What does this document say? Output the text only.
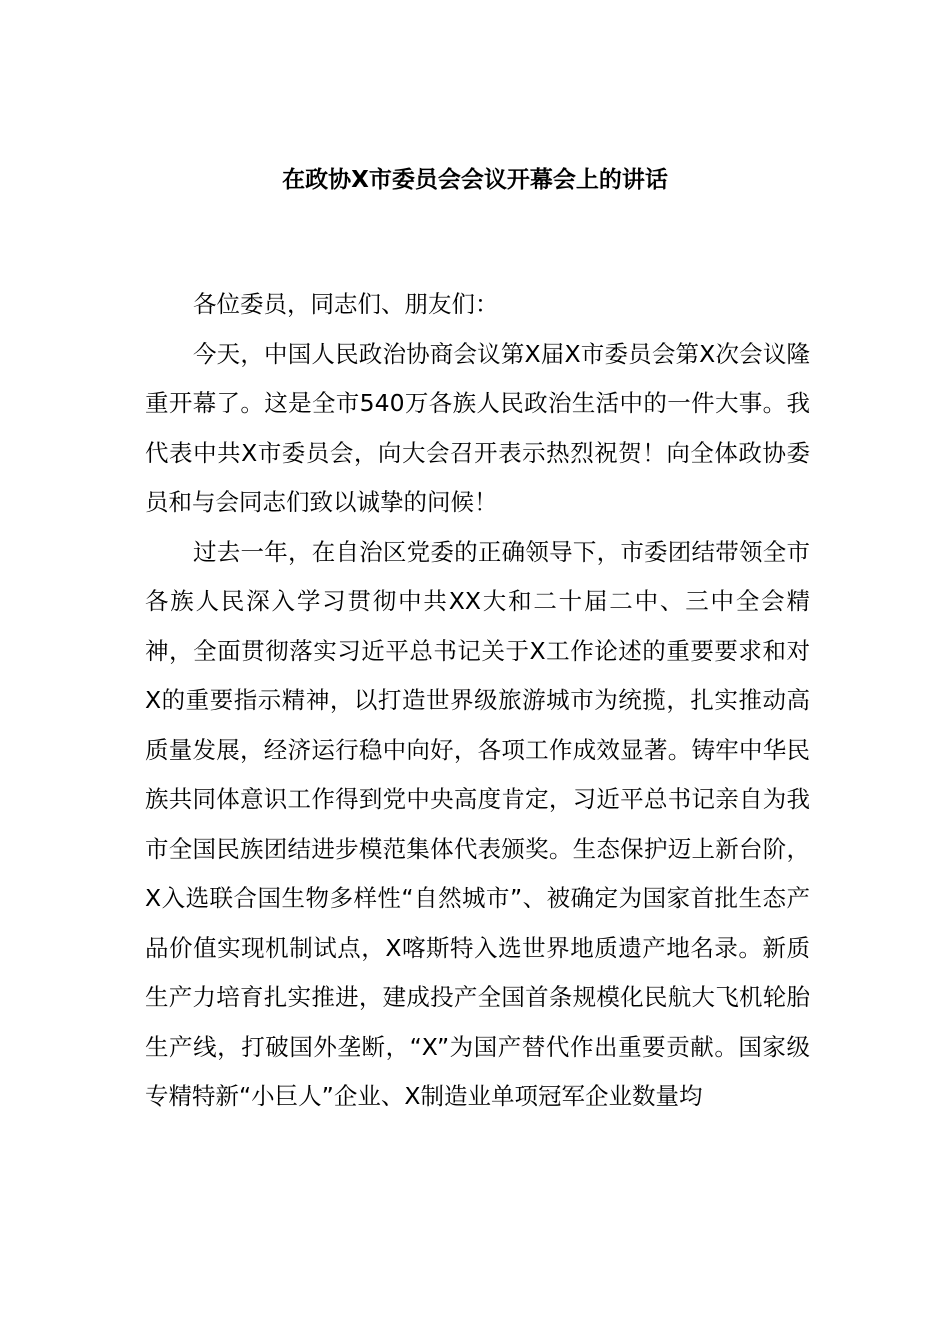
在政协X市委员会会议开幕会上的讲话

各位委员，同志们、朋友们：

今天，中国人民政治协商会议第X届X市委员会第X次会议隆重开幕了。这是全市540万各族人民政治生活中的一件大事。我代表中共X市委员会，向大会召开表示热烈祝贺！向全体政协委员和与会同志们致以诚挚的问候！

过去一年，在自治区党委的正确领导下，市委团结带领全市各族人民深入学习贯彻中共XX大和二十届二中、三中全会精神，全面贯彻落实习近平总书记关于X工作论述的重要要求和对X的重要指示精神，以打造世界级旅游城市为统揽，扎实推动高质量发展，经济运行稳中向好，各项工作成效显著。铸牢中华民族共同体意识工作得到党中央高度肯定，习近平总书记亲自为我市全国民族团结进步模范集体代表颁奖。生态保护迈上新台阶，X入选联合国生物多样性“自然城市”、被确定为国家首批生态产品价值实现机制试点，X喀斯特入选世界地质遗产地名录。新质生产力培育扎实推进，建成投产全国首条规模化民航大飞机轮胎生产线，打破国外垄断，“X”为国产替代作出重要贡献。国家级专精特新“小巨人”企业、X制造业单项冠军企业数量均
